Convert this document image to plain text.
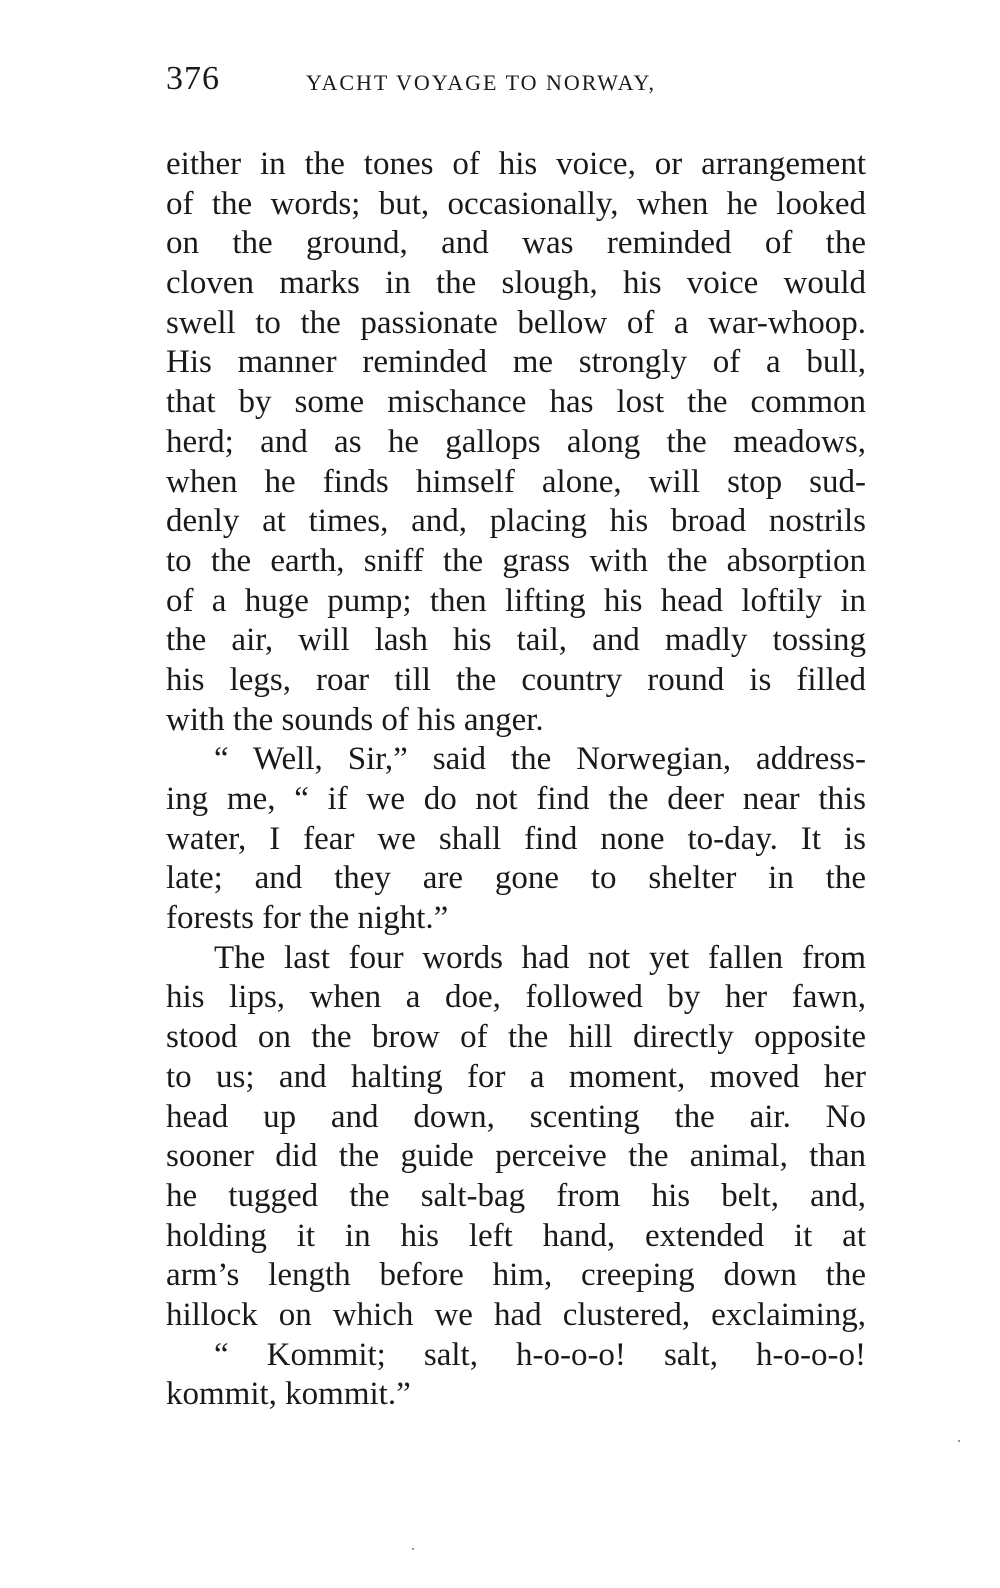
376	YACHT VOYAGE TO NORWAY,
either in the tones of his voice, or arrangement
of the words; but, occasionally, when he looked
on the ground, and was reminded of the
cloven marks in the slough, his voice would
swell to the passionate bellow of a war-whoop.
His manner reminded me strongly of a bull,
that by some mischance has lost the common
herd; and as he gallops along the meadows,
when he finds himself alone, will stop sud-
denly at times, and, placing his broad nostrils
to the earth, sniff the grass with the absorption
of a huge pump; then lifting his head loftily in
the air, will lash his tail, and madly tossing
his legs, roar till the country round is filled
with the sounds of his anger.
“ Well, Sir,” said the Norwegian, address-
ing me, “ if we do not find the deer near this
water, I fear we shall find none to-day. It is
late; and they are gone to shelter in the
forests for the night.”
The last four words had not yet fallen from
his lips, when a doe, followed by her fawn,
stood on the brow of the hill directly opposite
to us; and halting for a moment, moved her
head up and down, scenting the air. No
sooner did the guide perceive the animal, than
he tugged the salt-bag from his belt, and,
holding it in his left hand, extended it at
arm’s length before him, creeping down the
hillock on which we had clustered, exclaiming,
“ Kommit; salt, h-o-o-o! salt, h-o-o-o!
kommit, kommit.”
